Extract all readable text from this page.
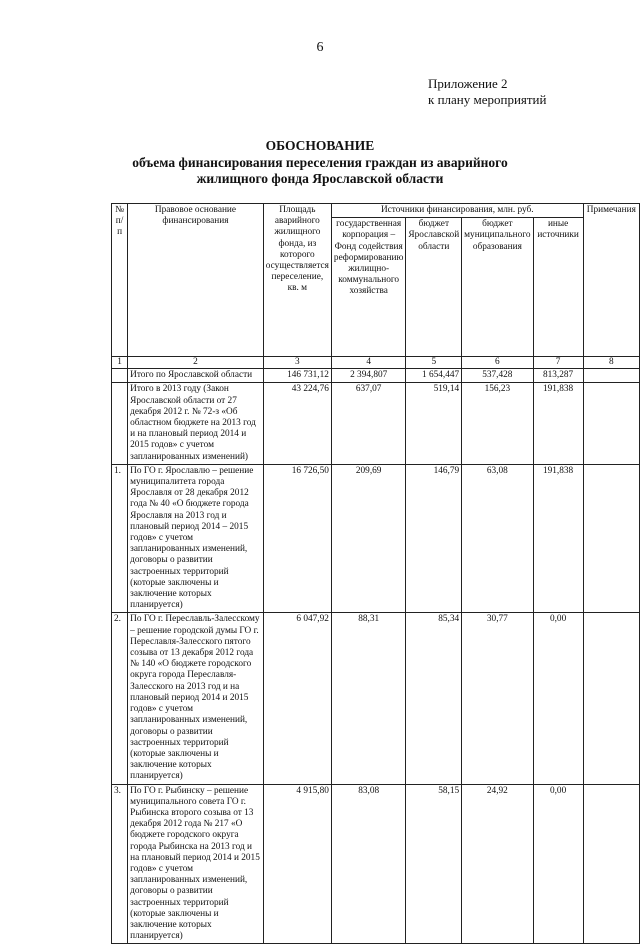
6
Приложение 2
к плану мероприятий
ОБОСНОВАНИЕ
объема финансирования переселения граждан из аварийного
жилищного фонда Ярославской области
№ п/п	Правовое основание финансирования	Площадь аварийного жилищного фонда, из которого осуществляется переселение, кв. м	Источники финансирования, млн. руб.				Примечания
			государственная корпорация – Фонд содействия реформированию жилищно-коммунального хозяйства	бюджет Ярославской области	бюджет муниципального образования	иные источники	
1	2	3	4	5	6	7	8
	Итого по Ярославской области	146 731,12	2 394,807	1 654,447	537,428	813,287	
	Итого в 2013 году (Закон Ярославской области от 27 декабря 2012 г. № 72-з «Об областном бюджете на 2013 год и на плановый период 2014 и 2015 годов» с учетом запланированных изменений)	43 224,76	637,07	519,14	156,23	191,838	
1.	По ГО г. Ярославлю – решение муниципалитета города Ярославля от 28 декабря 2012 года № 40 «О бюджете города Ярославля на 2013 год и плановый период 2014 – 2015 годов» с учетом запланированных изменений, договоры о развитии застроенных территорий (которые заключены и заключение которых планируется)	16 726,50	209,69	146,79	63,08	191,838	
2.	По ГО г. Переславль-Залесскому – решение городской думы ГО г. Переславля-Залесского пятого созыва от 13 декабря 2012 года № 140 «О бюджете городского округа города Переславля-Залесского на 2013 год и на плановый период 2014 и 2015 годов» с учетом запланированных изменений, договоры о развитии застроенных территорий (которые заключены и заключение которых планируется)	6 047,92	88,31	85,34	30,77	0,00	
3.	По ГО г. Рыбинску – решение муниципального совета ГО г. Рыбинска второго созыва от 13 декабря 2012 года № 217 «О бюджете городского округа города Рыбинска на 2013 год и на плановый период 2014 и 2015 годов» с учетом запланированных изменений, договоры о развитии застроенных территорий (которые заключены и заключение которых планируется)	4 915,80	83,08	58,15	24,92	0,00	
